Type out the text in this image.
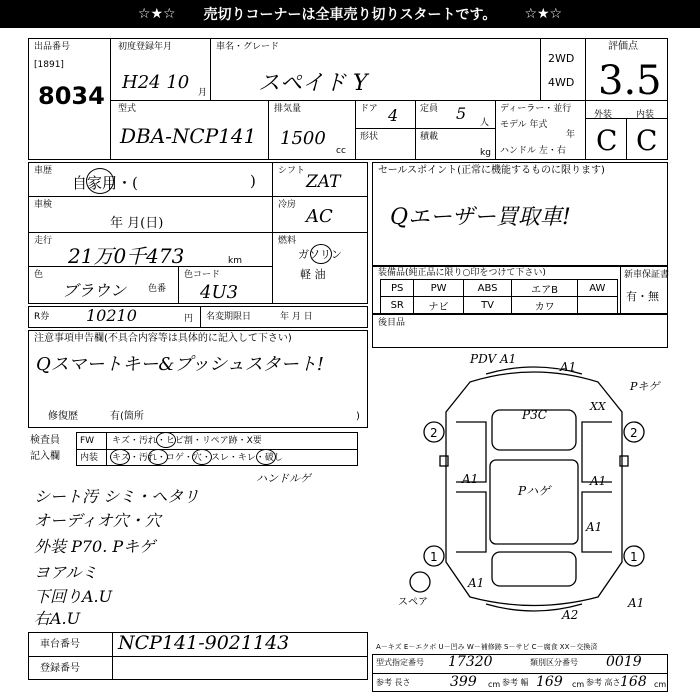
☆★☆ 売切りコーナーは全車売り切りスタートです。 ☆★☆
出品番号
[1891]
8034
初度登録年月
H24 10 月
車名・グレード
スペイド Y
2WD
4WD
評価点
3.5
外装	内装
C C
型式
DBA-NCP141
排気量
1500
cc
ドア 4
形状
定員 5 人
積載
kg
ディーラー・並行
モデル 年式
年
ハンドル 左・右
車歴
自家用・(	)
車検
年 月(日)
走行
21万0千473	km
色
ブラウン 色番
色コード
4U3
シフト
ZAT
冷房
AC
燃料
ガソリン
軽 油
R券 10210	円 名変期限日	年 月 日
セールスポイント(正常に機能するものに限ります)
Qエーザー買取車!
装備品(純正品に限り○印をつけて下さい)
PS	PW	ABS	エアB	AW
SR	ナビ	TV	カワ	
新車保証書
有・無
後目品
注意事項申告欄(不具合内容等は具体的に記入して下さい)
Qスマートキー&プッシュスタート!
修復歴	有(箇所	)
検査員
記入欄
FW キズ・汚れ・ヒビ割・リペア跡・X要
内装 キズ・汚れ・コゲ・穴・スレ・キレ・破し
ハンドルゲ
シート汚 シミ・ヘタリ
オーディオ穴・穴
外装 P70. Pキゲ
ヨアルミ
下回りA.U
右A.U
車台番号 NCP141-9021143
登録番号
PDV A1
A1
Pキゲ
XX
2	2
P3C
A1
Pハゲ
A1
A1
1	1
A1
A2
A1
スペア
A－キズ E－エクボ U－凹み W－補修跡 S－サビ C－腐食 XX－交換済
型式指定番号 17320	類別区分番号 0019
参考 長さ	399 cm 参考 幅 169 cm 参考 高さ 168 cm
